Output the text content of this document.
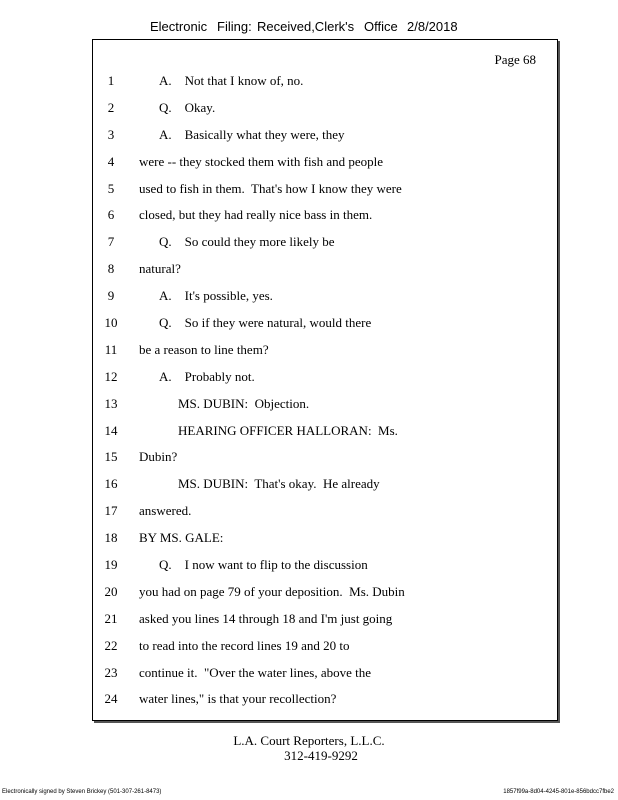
Electronic Filing: Received,Clerk's Office 2/8/2018
Page 68
1	A.    Not that I know of, no.
2	Q.    Okay.
3	A.    Basically what they were, they
4	were -- they stocked them with fish and people
5	used to fish in them.  That's how I know they were
6	closed, but they had really nice bass in them.
7	Q.    So could they more likely be
8	natural?
9	A.    It's possible, yes.
10	Q.    So if they were natural, would there
11	be a reason to line them?
12	A.    Probably not.
13	MS. DUBIN:  Objection.
14	HEARING OFFICER HALLORAN:  Ms.
15	Dubin?
16	MS. DUBIN:  That's okay.  He already
17	answered.
18	BY MS. GALE:
19	Q.    I now want to flip to the discussion
20	you had on page 79 of your deposition.  Ms. Dubin
21	asked you lines 14 through 18 and I'm just going
22	to read into the record lines 19 and 20 to
23	continue it.  "Over the water lines, above the
24	water lines," is that your recollection?
L.A. Court Reporters, L.L.C.
312-419-9292
Electronically signed by Steven Brickey (501-307-261-8473)	1857f99a-8d04-4245-801e-856bdcc7fbe2
